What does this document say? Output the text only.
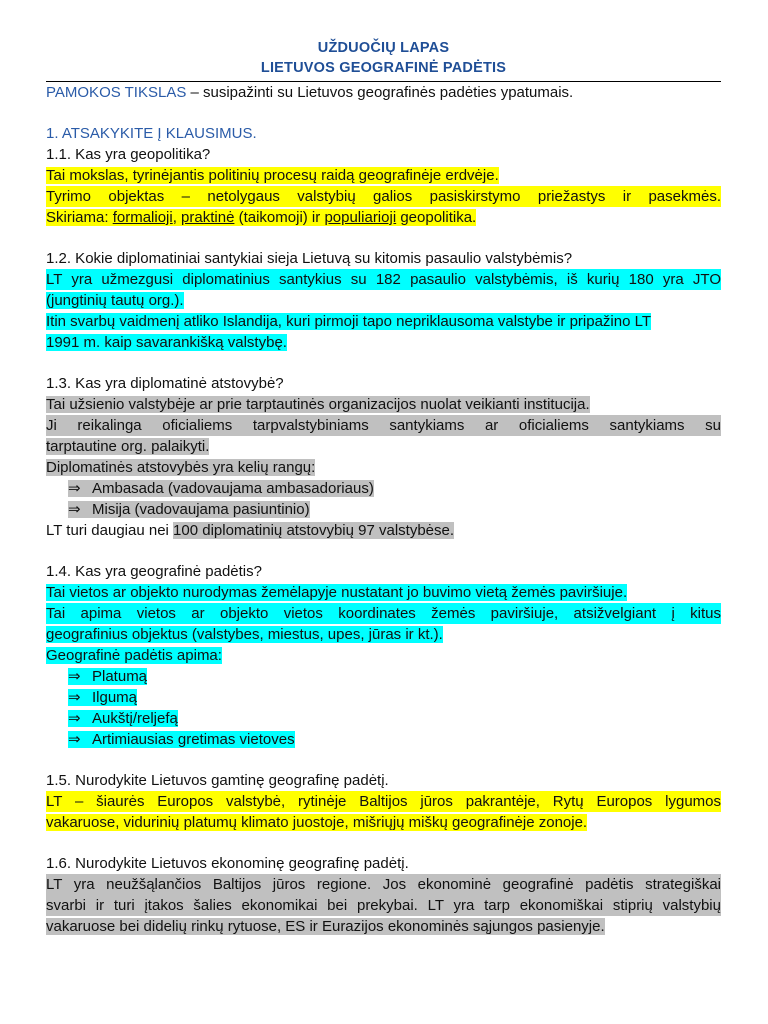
UŽDUOČIŲ LAPAS
LIETUVOS GEOGRAFINĖ PADĖTIS
PAMOKOS TIKSLAS – susipažinti su Lietuvos geografinės padėties ypatumais.
1. ATSAKYKITE Į KLAUSIMUS.
1.1. Kas yra geopolitika?
Tai mokslas, tyrinėjantis politinių procesų raidą geografinėje erdvėje.
Tyrimo objektas – netolygaus valstybių galios pasiskirstymo priežastys ir pasekmės.
Skiriama: formalioji, praktinė (taikomoji) ir populiarioji geopolitika.
1.2. Kokie diplomatiniai santykiai sieja Lietuvą su kitomis pasaulio valstybėmis?
LT yra užmezgusi diplomatinius santykius su 182 pasaulio valstybėmis, iš kurių 180 yra JTO
(jungtinių tautų org.).
Itin svarbų vaidmenį atliko Islandija, kuri pirmoji tapo nepriklausoma valstybe ir pripažino LT
1991 m. kaip savarankišką valstybę.
1.3. Kas yra diplomatinė atstovybė?
Tai užsienio valstybėje ar prie tarptautinės organizacijos nuolat veikianti institucija.
Ji reikalinga oficialiems tarpvalstybiniams santykiams ar oficialiems santykiams su
tarptautine org. palaikyti.
Diplomatinės atstovybės yra kelių rangų:
⇒ Ambasada (vadovaujama ambasadoriaus)
⇒ Misija (vadovaujama pasiuntinio)
LT turi daugiau nei 100 diplomatinių atstovybių 97 valstybėse.
1.4. Kas yra geografinė padėtis?
Tai vietos ar objekto nurodymas žemėlapyje nustatant jo buvimo vietą žemės paviršiuje.
Tai apima vietos ar objekto vietos koordinates žemės paviršiuje, atsižvelgiant į kitus
geografinius objektus (valstybes, miestus, upes, jūras ir kt.).
Geografinė padėtis apima:
⇒ Platumą
⇒ Ilgumą
⇒ Aukštį/reljefą
⇒ Artimiausias gretimas vietoves
1.5. Nurodykite Lietuvos gamtinę geografinę padėtį.
LT – šiaurės Europos valstybė, rytinėje Baltijos jūros pakrantėje, Rytų Europos lygumos
vakaruose, vidurinių platumų klimato juostoje, mišriųjų miškų geografinėje zonoje.
1.6. Nurodykite Lietuvos ekonominę geografinę padėtį.
LT yra neužšąlančios Baltijos jūros regione. Jos ekonominė geografinė padėtis strategiškai
svarbi ir turi įtakos šalies ekonomikai bei prekybai. LT yra tarp ekonomiškai stiprių valstybių
vakaruose bei didelių rinkų rytuose, ES ir Eurazijos ekonominės sąjungos pasienyje.
